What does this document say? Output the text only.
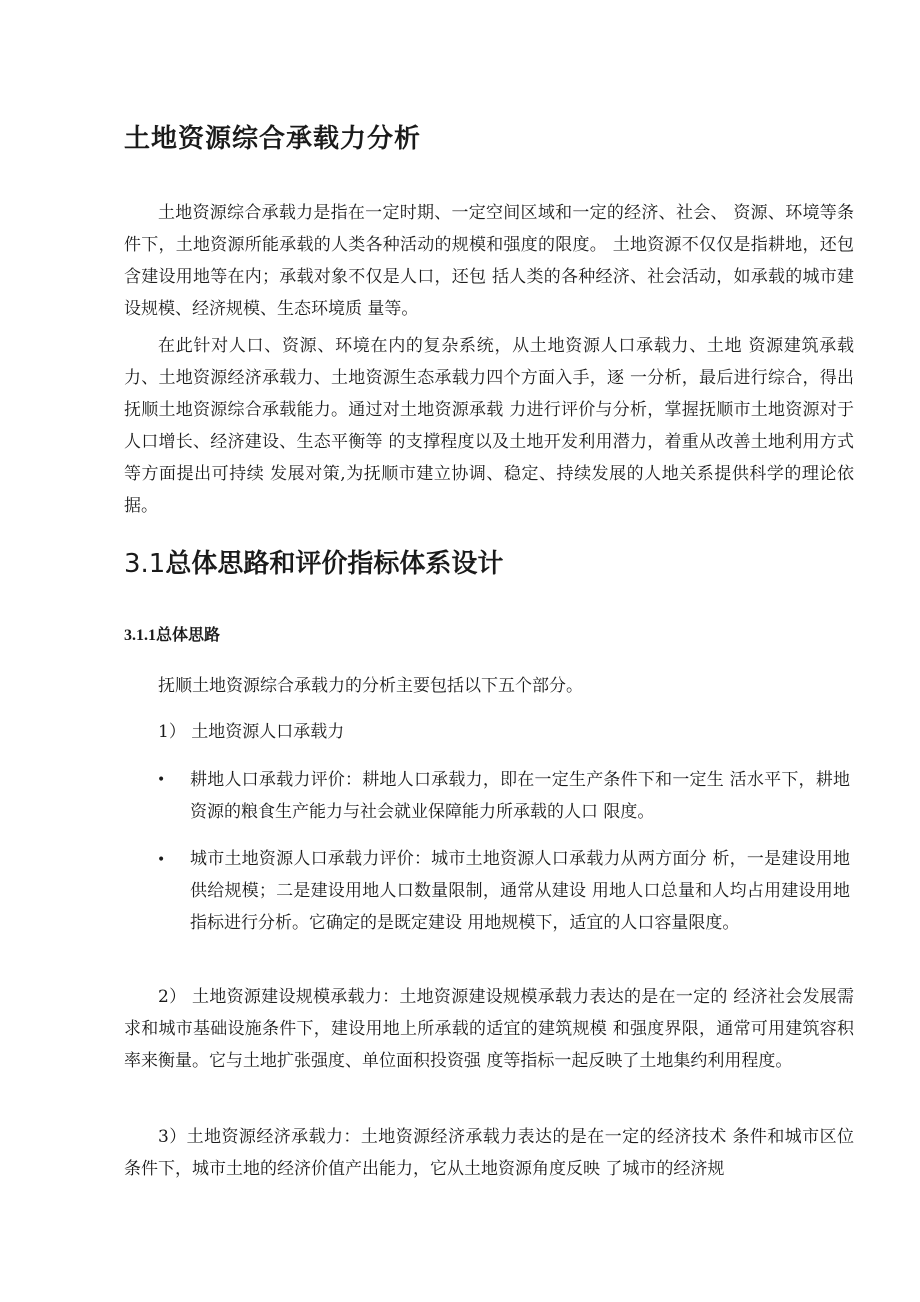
土地资源综合承载力分析

土地资源综合承载力是指在一定时期、一定空间区域和一定的经济、社会、 资源、环境等条件下，土地资源所能承载的人类各种活动的规模和强度的限度。 土地资源不仅仅是指耕地，还包含建设用地等在内；承载对象不仅是人口，还包 括人类的各种经济、社会活动，如承载的城市建设规模、经济规模、生态环境质 量等。

在此针对人口、资源、环境在内的复杂系统，从土地资源人口承载力、土地 资源建筑承载力、土地资源经济承载力、土地资源生态承载力四个方面入手，逐 一分析，最后进行综合，得出抚顺土地资源综合承载能力。通过对土地资源承载 力进行评价与分析，掌握抚顺市土地资源对于人口增长、经济建设、生态平衡等 的支撑程度以及土地开发利用潜力，着重从改善土地利用方式等方面提出可持续 发展对策,为抚顺市建立协调、稳定、持续发展的人地关系提供科学的理论依据。

3.1总体思路和评价指标体系设计
3.1.1总体思路

抚顺土地资源综合承载力的分析主要包括以下五个部分。

1） 土地资源人口承载力
• 耕地人口承载力评价：耕地人口承载力，即在一定生产条件下和一定生 活水平下，耕地资源的粮食生产能力与社会就业保障能力所承载的人口 限度。

• 城市土地资源人口承载力评价：城市土地资源人口承载力从两方面分 析，一是建设用地供给规模；二是建设用地人口数量限制，通常从建设 用地人口总量和人均占用建设用地指标进行分析。它确定的是既定建设 用地规模下，适宜的人口容量限度。

2） 土地资源建设规模承载力：土地资源建设规模承载力表达的是在一定的 经济社会发展需求和城市基础设施条件下，建设用地上所承载的适宜的建筑规模 和强度界限，通常可用建筑容积率来衡量。它与土地扩张强度、单位面积投资强 度等指标一起反映了土地集约利用程度。

3）土地资源经济承载力：土地资源经济承载力表达的是在一定的经济技术 条件和城市区位条件下，城市土地的经济价值产出能力，它从土地资源角度反映 了城市的经济规
